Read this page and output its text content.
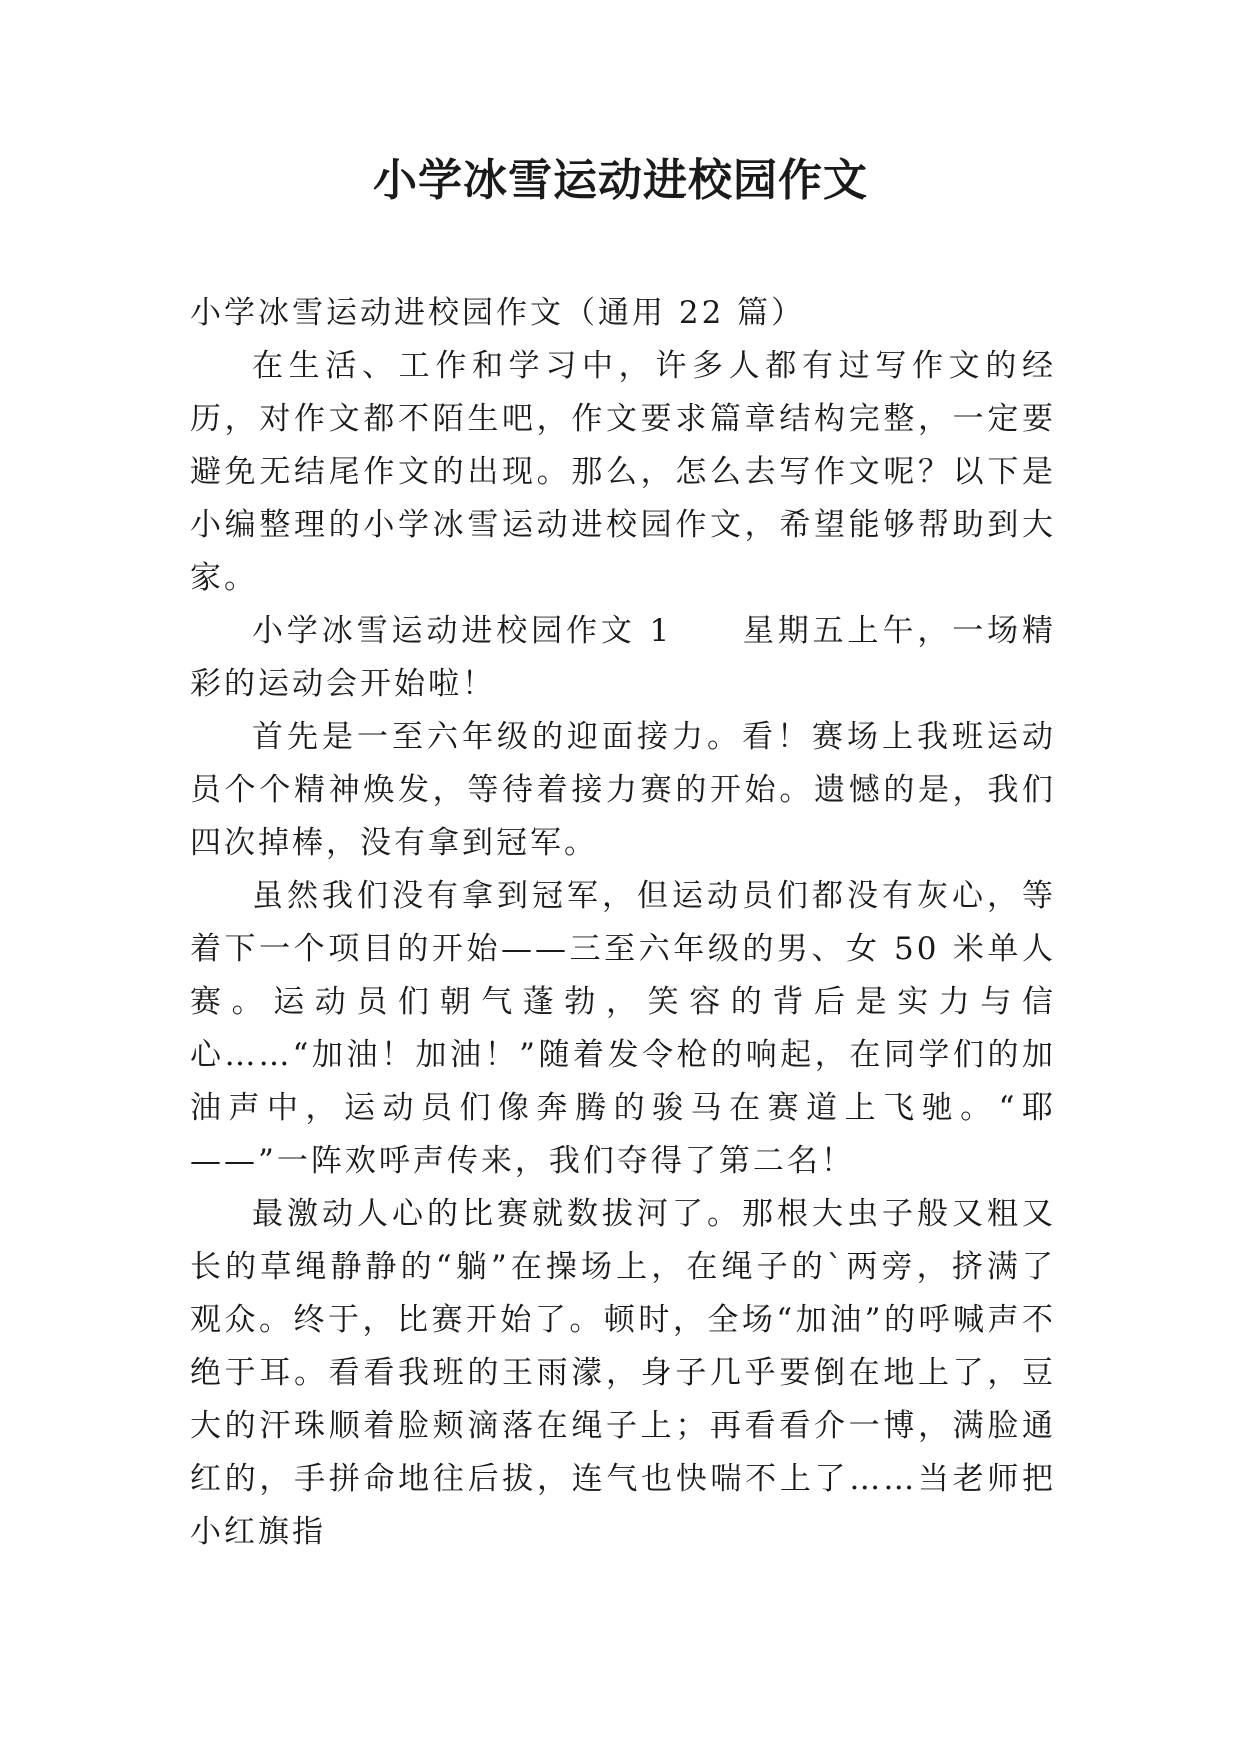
小学冰雪运动进校园作文

小学冰雪运动进校园作文（通用 22 篇）

在生活、工作和学习中，许多人都有过写作文的经历，对作文都不陌生吧，作文要求篇章结构完整，一定要避免无结尾作文的出现。那么，怎么去写作文呢？以下是小编整理的小学冰雪运动进校园作文，希望能够帮助到大家。

小学冰雪运动进校园作文 1　　星期五上午，一场精彩的运动会开始啦！

首先是一至六年级的迎面接力。看！赛场上我班运动员个个精神焕发，等待着接力赛的开始。遗憾的是，我们四次掉棒，没有拿到冠军。

虽然我们没有拿到冠军，但运动员们都没有灰心，等着下一个项目的开始——三至六年级的男、女 50 米单人赛。运动员们朝气蓬勃，笑容的背后是实力与信心……“加油！加油！”随着发令枪的响起，在同学们的加油声中，运动员们像奔腾的骏马在赛道上飞驰。“耶——”一阵欢呼声传来，我们夺得了第二名！

最激动人心的比赛就数拔河了。那根大虫子般又粗又长的草绳静静的“躺”在操场上，在绳子的`两旁，挤满了观众。终于，比赛开始了。顿时，全场“加油”的呼喊声不绝于耳。看看我班的王雨濛，身子几乎要倒在地上了，豆大的汗珠顺着脸颊滴落在绳子上；再看看介一博，满脸通红的，手拼命地往后拔，连气也快喘不上了……当老师把小红旗指
